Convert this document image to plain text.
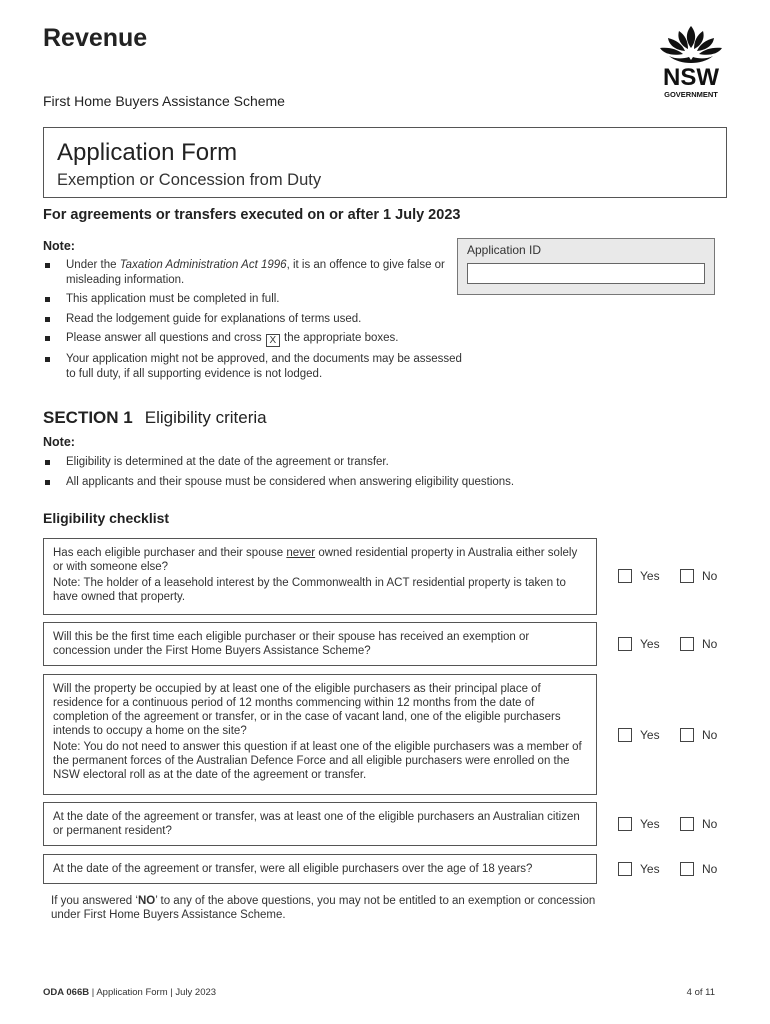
Revenue
First Home Buyers Assistance Scheme
NSW
GOVERNMENT
Application Form
Exemption or Concession from Duty
For agreements or transfers executed on or after 1 July 2023
Application ID
Note:
Under the Taxation Administration Act 1996, it is an offence to give false or misleading information.
This application must be completed in full.
Read the lodgement guide for explanations of terms used.
Please answer all questions and cross X the appropriate boxes.
Your application might not be approved, and the documents may be assessed to full duty, if all supporting evidence is not lodged.
SECTION 1 Eligibility criteria
Note:
Eligibility is determined at the date of the agreement or transfer.
All applicants and their spouse must be considered when answering eligibility questions.
Eligibility checklist

Has each eligible purchaser and their spouse never owned residential property in Australia either solely or with someone else?

Note: The holder of a leasehold interest by the Commonwealth in ACT residential property is taken to have owned that property.

Yes	No

Will this be the first time each eligible purchaser or their spouse has received an exemption or concession under the First Home Buyers Assistance Scheme?	Yes	No

Will the property be occupied by at least one of the eligible purchasers as their principal place of residence for a continuous period of 12 months commencing within 12 months from the date of completion of the agreement or transfer, or in the case of vacant land, one of the eligible purchasers intends to occupy a home on the site?

Note: You do not need to answer this question if at least one of the eligible purchasers was a member of the permanent forces of the Australian Defence Force and all eligible purchasers were enrolled on the NSW electoral roll as at the date of the agreement or transfer.

Yes	No

At the date of the agreement or transfer, was at least one of the eligible purchasers an Australian citizen or permanent resident?	Yes	No

At the date of the agreement or transfer, were all eligible purchasers over the age of 18 years?	Yes	No
If you answered ‘NO’ to any of the above questions, you may not be entitled to an exemption or concession under First Home Buyers Assistance Scheme.
ODA 066B | Application Form | July 2023	4 of 11
